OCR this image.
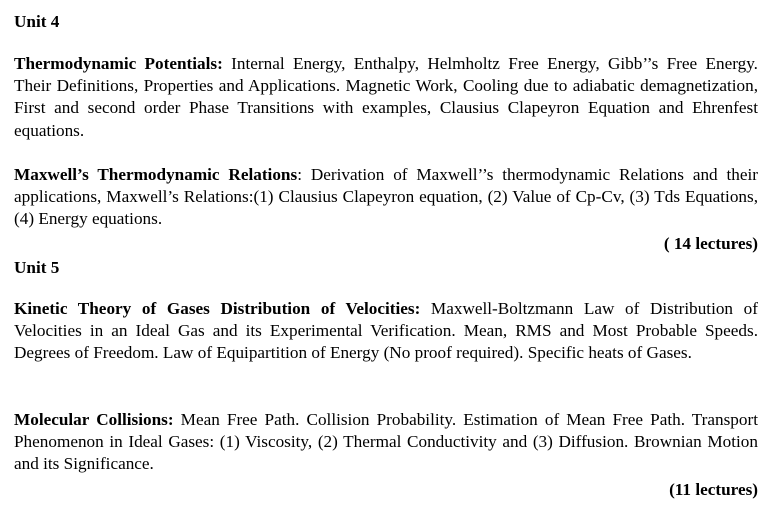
Unit 4

Thermodynamic Potentials: Internal Energy, Enthalpy, Helmholtz Free Energy, Gibb’’s Free Energy. Their Definitions, Properties and Applications. Magnetic Work, Cooling due to adiabatic demagnetization, First and second order Phase Transitions with examples, Clausius Clapeyron Equation and Ehrenfest equations.

Maxwell’s Thermodynamic Relations: Derivation of Maxwell’’s thermodynamic Relations and their applications, Maxwell’s Relations:(1) Clausius Clapeyron equation, (2) Value of Cp-Cv, (3) Tds Equations, (4) Energy equations.

( 14 lectures)

Unit 5

Kinetic Theory of Gases Distribution of Velocities: Maxwell-Boltzmann Law of Distribution of Velocities in an Ideal Gas and its Experimental Verification. Mean, RMS and Most Probable Speeds. Degrees of Freedom. Law of Equipartition of Energy (No proof required). Specific heats of Gases.

Molecular Collisions: Mean Free Path. Collision Probability. Estimation of Mean Free Path. Transport Phenomenon in Ideal Gases: (1) Viscosity, (2) Thermal Conductivity and (3) Diffusion. Brownian Motion and its Significance.

(11 lectures)
